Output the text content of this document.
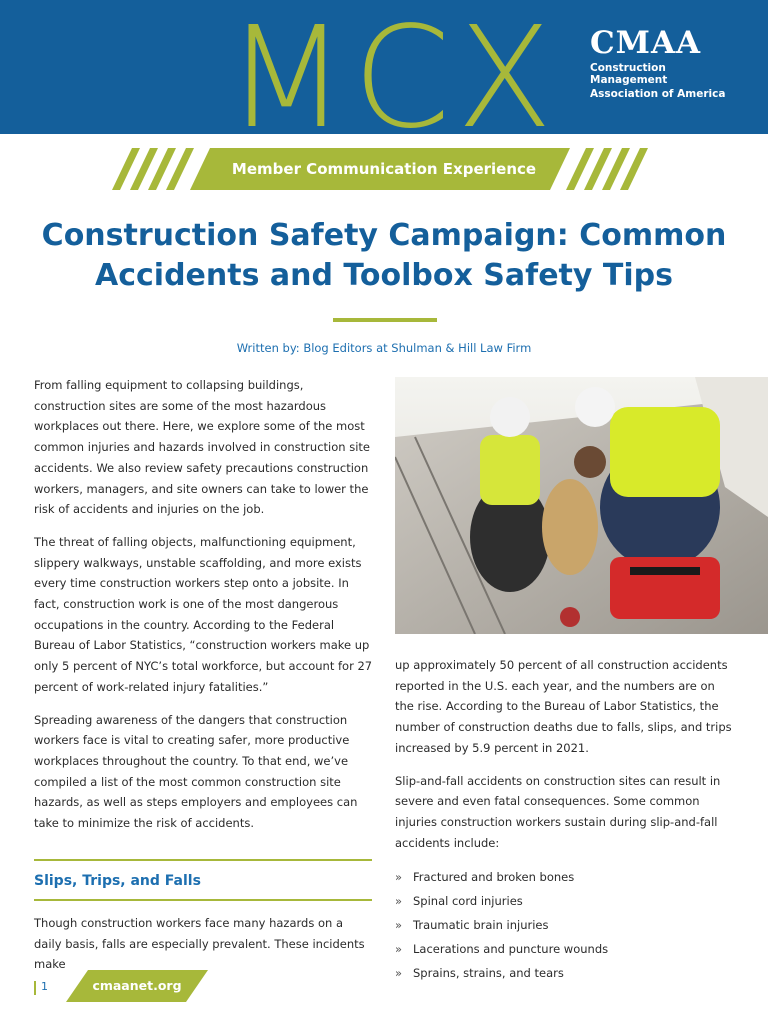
MCX CMAA
Construction Management
Association of America
Member Communication Experience
Construction Safety Campaign: Common
Accidents and Toolbox Safety Tips
Written by: Blog Editors at Shulman & Hill Law Firm

From falling equipment to collapsing buildings, construction sites are some of the most hazardous workplaces out there. Here, we explore some of the most common injuries and hazards involved in construction site accidents. We also review safety precautions construction workers, managers, and site owners can take to lower the risk of accidents and injuries on the job.

The threat of falling objects, malfunctioning equipment, slippery walkways, unstable scaffolding, and more exists every time construction workers step onto a jobsite. In fact, construction work is one of the most dangerous occupations in the country. According to the Federal Bureau of Labor Statistics, “construction workers make up only 5 percent of NYC’s total workforce, but account for 27 percent of work-related injury fatalities.”

Spreading awareness of the dangers that construction workers face is vital to creating safer, more productive workplaces throughout the country. To that end, we’ve compiled a list of the most common construction site hazards, as well as steps employers and employees can take to minimize the risk of accidents.

Slips, Trips, and Falls

Though construction workers face many hazards on a daily basis, falls are especially prevalent. These incidents make

up approximately 50 percent of all construction accidents reported in the U.S. each year, and the numbers are on the rise. According to the Bureau of Labor Statistics, the number of construction deaths due to falls, slips, and trips increased by 5.9 percent in 2021.

Slip-and-fall accidents on construction sites can result in severe and even fatal consequences. Some common injuries construction workers sustain during slip-and-fall accidents include:

» Fractured and broken bones
» Spinal cord injuries
» Traumatic brain injuries
» Lacerations and puncture wounds
» Sprains, strains, and tears
1	cmaanet.org
